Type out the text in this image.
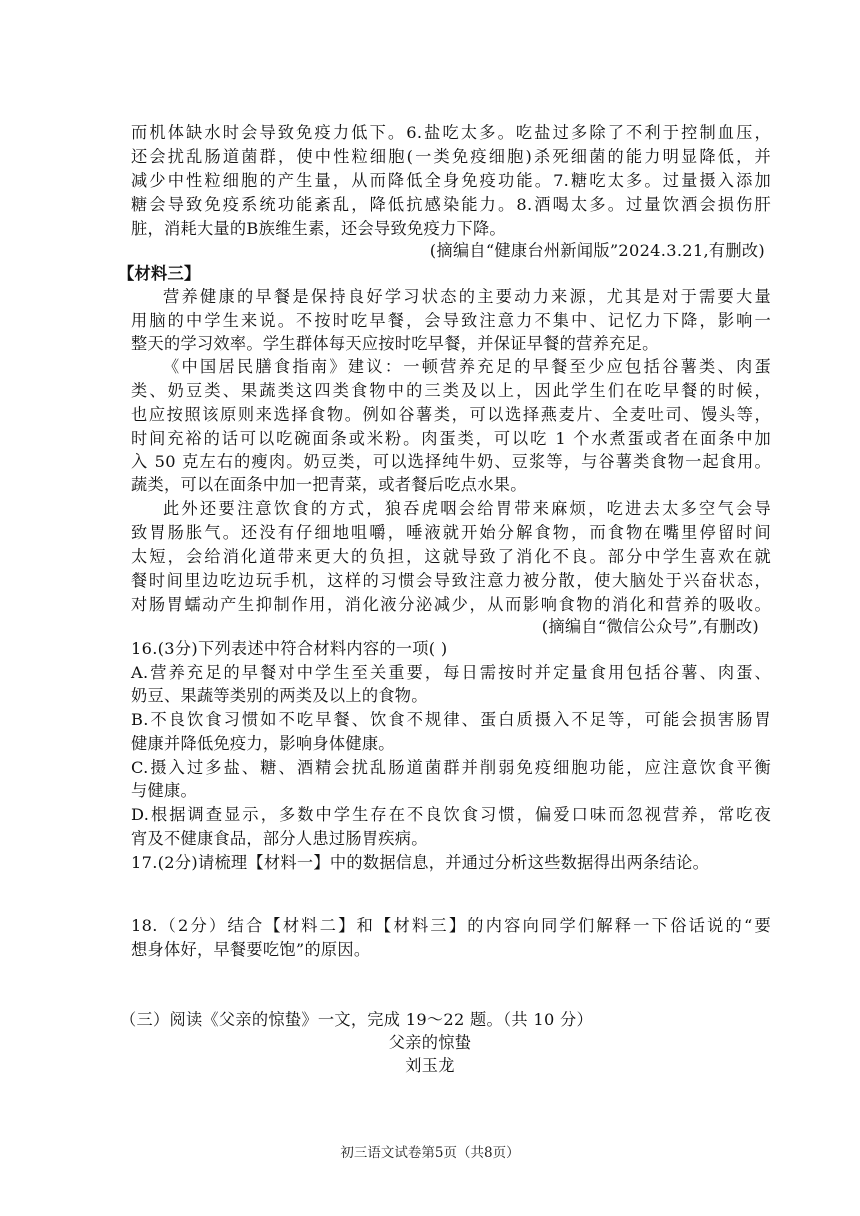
而机体缺水时会导致免疫力低下。6.盐吃太多。吃盐过多除了不利于控制血压，
还会扰乱肠道菌群，使中性粒细胞(一类免疫细胞)杀死细菌的能力明显降低，并
减少中性粒细胞的产生量，从而降低全身免疫功能。7.糖吃太多。过量摄入添加
糖会导致免疫系统功能紊乱，降低抗感染能力。8.酒喝太多。过量饮酒会损伤肝
脏，消耗大量的B族维生素，还会导致免疫力下降。
(摘编自“健康台州新闻版”2024.3.21,有删改)
【材料三】
营养健康的早餐是保持良好学习状态的主要动力来源，尤其是对于需要大量
用脑的中学生来说。不按时吃早餐，会导致注意力不集中、记忆力下降，影响一
整天的学习效率。学生群体每天应按时吃早餐，并保证早餐的营养充足。
《中国居民膳食指南》建议：一顿营养充足的早餐至少应包括谷薯类、肉蛋
类、奶豆类、果蔬类这四类食物中的三类及以上，因此学生们在吃早餐的时候，
也应按照该原则来选择食物。例如谷薯类，可以选择燕麦片、全麦吐司、馒头等，
时间充裕的话可以吃碗面条或米粉。肉蛋类，可以吃 1 个水煮蛋或者在面条中加
入 50 克左右的瘦肉。奶豆类，可以选择纯牛奶、豆浆等，与谷薯类食物一起食用。
蔬类，可以在面条中加一把青菜，或者餐后吃点水果。
此外还要注意饮食的方式，狼吞虎咽会给胃带来麻烦，吃进去太多空气会导
致胃肠胀气。还没有仔细地咀嚼，唾液就开始分解食物，而食物在嘴里停留时间
太短，会给消化道带来更大的负担，这就导致了消化不良。部分中学生喜欢在就
餐时间里边吃边玩手机，这样的习惯会导致注意力被分散，使大脑处于兴奋状态，
对肠胃蠕动产生抑制作用，消化液分泌减少，从而影响食物的消化和营养的吸收。
(摘编自“微信公众号”,有删改)
16.(3分)下列表述中符合材料内容的一项( )
A.营养充足的早餐对中学生至关重要，每日需按时并定量食用包括谷薯、肉蛋、
奶豆、果蔬等类别的两类及以上的食物。
B.不良饮食习惯如不吃早餐、饮食不规律、蛋白质摄入不足等，可能会损害肠胃
健康并降低免疫力，影响身体健康。
C.摄入过多盐、糖、酒精会扰乱肠道菌群并削弱免疫细胞功能，应注意饮食平衡
与健康。
D.根据调查显示，多数中学生存在不良饮食习惯，偏爱口味而忽视营养，常吃夜
宵及不健康食品，部分人患过肠胃疾病。
17.(2分)请梳理【材料一】中的数据信息，并通过分析这些数据得出两条结论。
18.（2分）结合【材料二】和【材料三】的内容向同学们解释一下俗话说的“要
想身体好，早餐要吃饱”的原因。
（三）阅读《父亲的惊蛰》一文，完成 19～22 题。（共 10 分）
父亲的惊蛰
刘玉龙
初三语文试卷第5页（共8页）
